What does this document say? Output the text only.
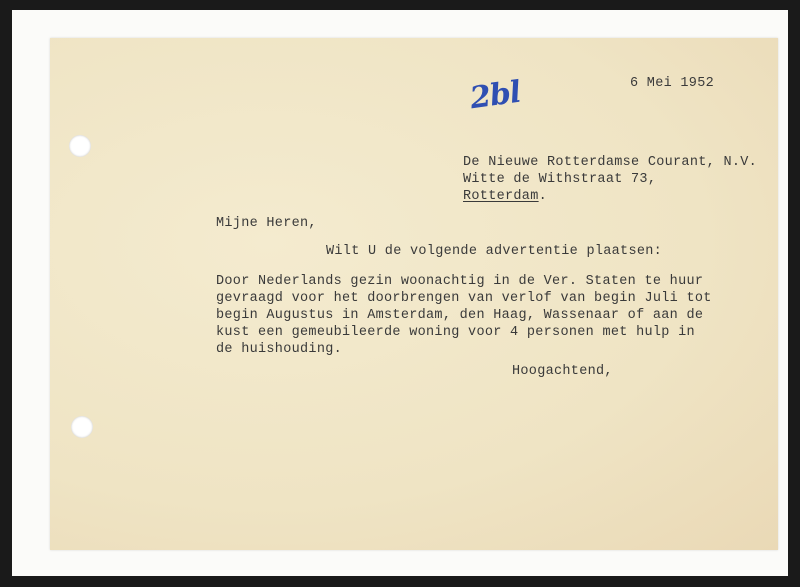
2bl	6 Mei 1952

De Nieuwe Rotterdamse Courant, N.V.

Witte de Withstraat 73,

Rotterdam.

Mijne Heren,
Wilt U de volgende advertentie plaatsen:

Door Nederlands gezin woonachtig in de Ver. Staten te huur

gevraagd voor het doorbrengen van verlof van begin Juli tot

begin Augustus in Amsterdam, den Haag, Wassenaar of aan de

kust een gemeubileerde woning voor 4 personen met hulp in

de huishouding.

Hoogachtend,
